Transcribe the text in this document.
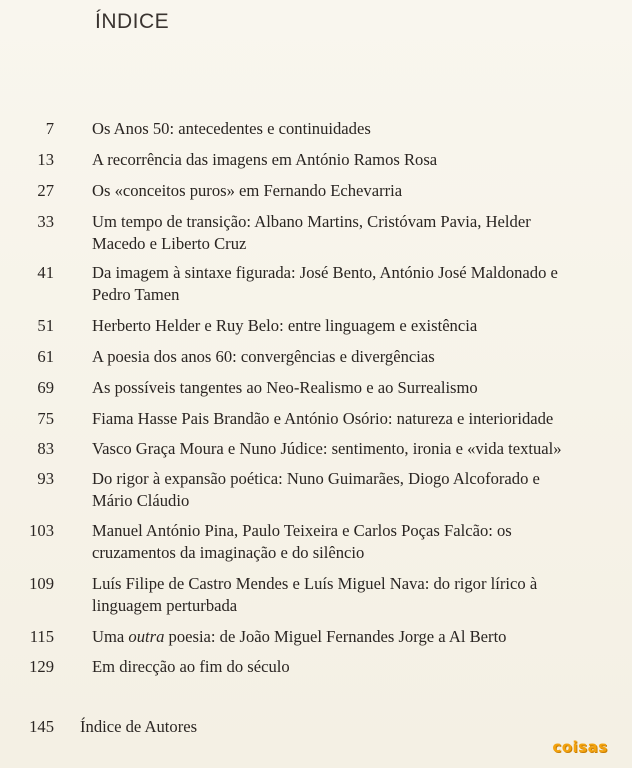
ÍNDICE
7 Os Anos 50: antecedentes e continuidades
13 A recorrência das imagens em António Ramos Rosa
27 Os «conceitos puros» em Fernando Echevarria
33 Um tempo de transição: Albano Martins, Cristóvam Pavia, Helder
Macedo e Liberto Cruz
41 Da imagem à sintaxe figurada: José Bento, António José Maldonado e
Pedro Tamen
51 Herberto Helder e Ruy Belo: entre linguagem e existência
61 A poesia dos anos 60: convergências e divergências
69 As possíveis tangentes ao Neo-Realismo e ao Surrealismo
75 Fiama Hasse Pais Brandão e António Osório: natureza e interioridade
83 Vasco Graça Moura e Nuno Júdice: sentimento, ironia e «vida textual»
93 Do rigor à expansão poética: Nuno Guimarães, Diogo Alcoforado e
Mário Cláudio
103 Manuel António Pina, Paulo Teixeira e Carlos Poças Falcão: os
cruzamentos da imaginação e do silêncio
109 Luís Filipe de Castro Mendes e Luís Miguel Nava: do rigor lírico à
linguagem perturbada
115 Uma outra poesia: de João Miguel Fernandes Jorge a Al Berto
129 Em direcção ao fim do século
145 Índice de Autores
coisas
